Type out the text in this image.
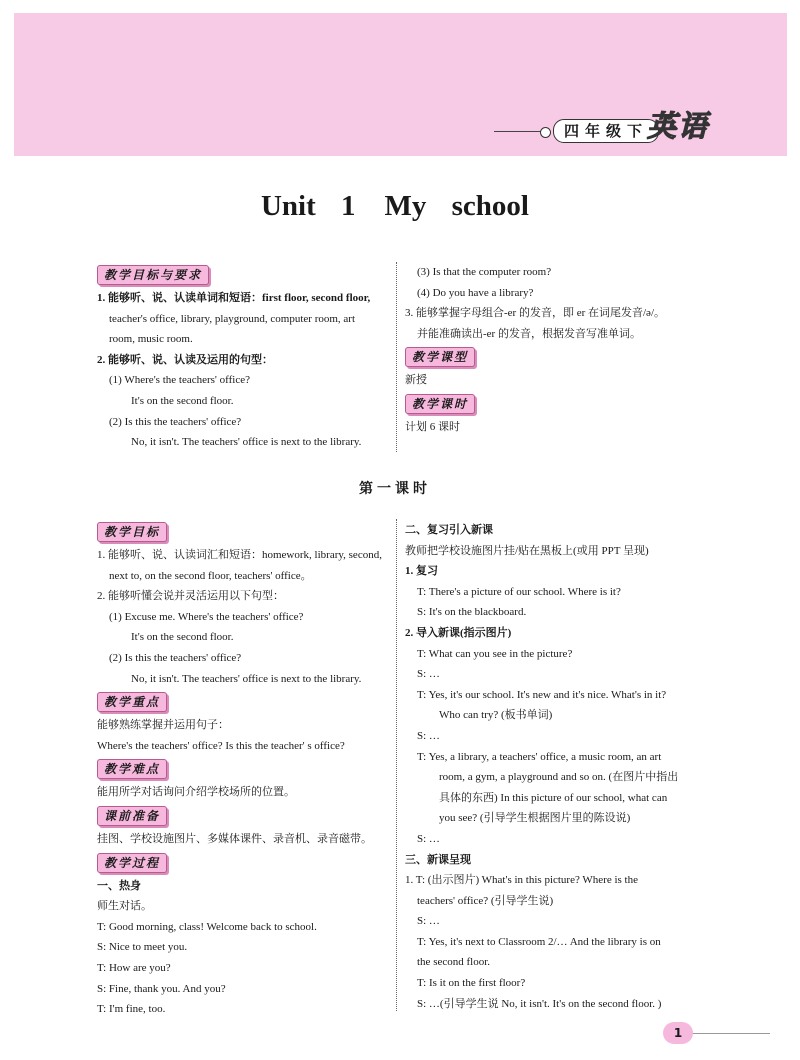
四年级下
英语
Unit 1　My school
教学目标与要求

1. 能够听、说、认读单词和短语：first floor, second floor,

teacher's office, library, playground, computer room, art

room, music room.

2. 能够听、说、认读及运用的句型：

(1) Where's the teachers' office?

It's on the second floor.

(2) Is this the teachers' office?

No, it isn't. The teachers' office is next to the library.

(3) Is that the computer room?

(4) Do you have a library?

3. 能够掌握字母组合-er 的发音，即 er 在词尾发音/ə/。

并能准确读出-er 的发音，根据发音写准单词。

教学课型

新授

教学课时

计划 6 课时

第一课时
教学目标

1. 能够听、说、认读词汇和短语：homework, library, second,

next to, on the second floor, teachers' office。

2. 能够听懂会说并灵活运用以下句型：

(1) Excuse me. Where's the teachers' office?

It's on the second floor.

(2) Is this the teachers' office?

No, it isn't. The teachers' office is next to the library.

教学重点

能够熟练掌握并运用句子：

Where's the teachers' office? Is this the teacher' s office?

教学难点

能用所学对话询问介绍学校场所的位置。

课前准备

挂图、学校设施图片、多媒体课件、录音机、录音磁带。

教学过程

一、热身

师生对话。

T: Good morning, class! Welcome back to school.

S: Nice to meet you.

T: How are you?

S: Fine, thank you. And you?

T: I'm fine, too.

二、复习引入新课

教师把学校设施图片挂/贴在黑板上(或用 PPT 呈现)

1. 复习

T: There's a picture of our school. Where is it?

S: It's on the blackboard.

2. 导入新课(指示图片)

T: What can you see in the picture?

S: …

T: Yes, it's our school. It's new and it's nice. What's in it?

Who can try? (板书单词)

S: …

T: Yes, a library, a teachers' office, a music room, an art

room, a gym, a playground and so on. (在图片中指出

具体的东西) In this picture of our school, what can

you see? (引导学生根据图片里的陈设说)

S: …

三、新课呈现

1. T: (出示图片) What's in this picture? Where is the

teachers' office? (引导学生说)

S: …

T: Yes, it's next to Classroom 2/… And the library is on

the second floor.

T: Is it on the first floor?

S: …(引导学生说 No, it isn't. It's on the second floor. )

1
